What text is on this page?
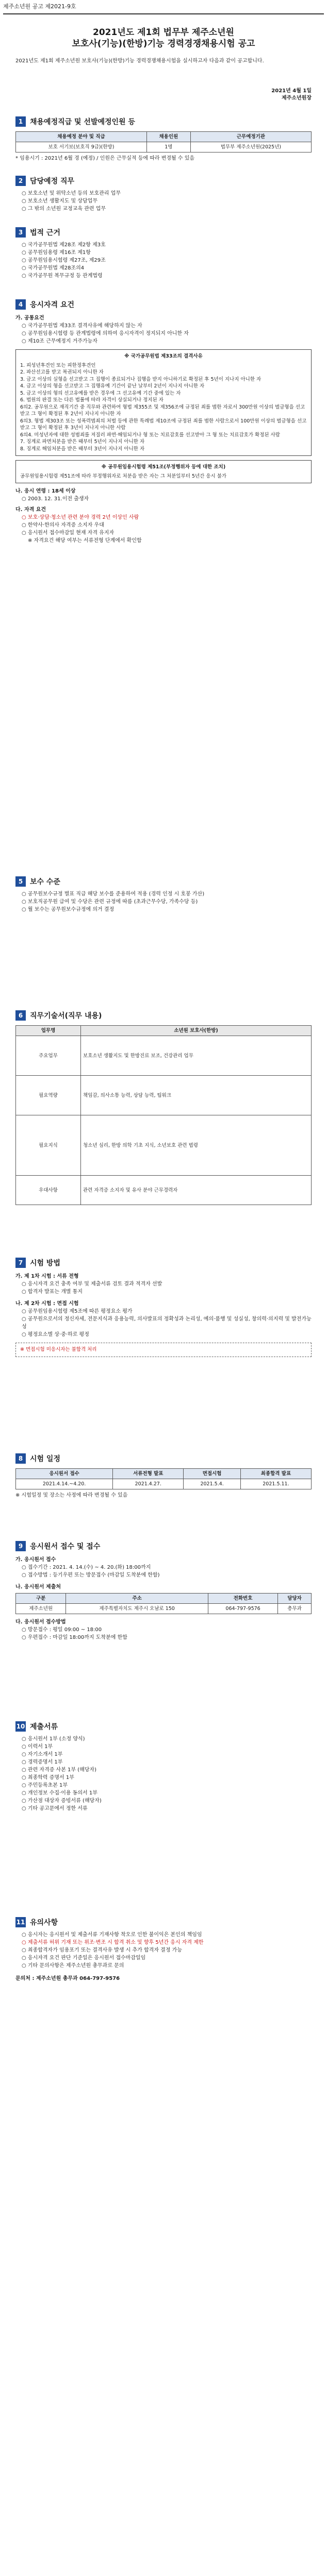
제주소년원 공고 제2021-9호
2021년도 제1회 법무부 제주소년원
보호사(기능)(한방)기능 경력경쟁채용시험 공고
2021년도 제1회 제주소년원 보호사(기능)(한방)기능 경력경쟁채용시험을 실시하고자 다음과 같이 공고합니다.
2021년 4월 1일
제주소년원장
1 채용예정직급 및 선발예정인원 등
채용예정 분야 및 직급	채용인원	근무예정기관
보호 서기보(보호직 9급)(한방)	1명	법무부 제주소년원(2025년)

* 임용시기 : 2021년 6월 경 (예정) / 인원은 근무실적 등에 따라 변경될 수 있음

2 담당예정 직무

○ 보호소년 및 위탁소년 등의 보호관리 업무

○ 보호소년 생활지도 및 상담업무

○ 그 밖의 소년원 교정교육 관련 업무

3 법적 근거

○ 국가공무원법 제28조 제2항 제3호

○ 공무원임용령 제16조 제1항

○ 공무원임용시험령 제27조, 제29조

○ 국가공무원법 제28조의4

○ 국가공무원 복무규정 등 관계법령

4 응시자격 요건

가. 공통요건

○ 국가공무원법 제33조 결격사유에 해당하지 않는 자

○ 공무원임용시험령 등 관계법령에 의하여 응시자격이 정지되지 아니한 자

○ 제10조 근무예정지 거주가능자

※ 국가공무원법 제33조의 결격사유
1. 피성년후견인 또는 피한정후견인
2. 파산선고를 받고 복권되지 아니한 자
3. 금고 이상의 실형을 선고받고 그 집행이 종료되거나 집행을 받지 아니하기로 확정된 후 5년이 지나지 아니한 자
4. 금고 이상의 형을 선고받고 그 집행유예 기간이 끝난 날부터 2년이 지나지 아니한 자
5. 금고 이상의 형의 선고유예를 받은 경우에 그 선고유예 기간 중에 있는 자
6. 법원의 판결 또는 다른 법률에 따라 자격이 상실되거나 정지된 자
6의2. 공무원으로 재직기간 중 직무와 관련하여 형법 제355조 및 제356조에 규정된 죄를 범한 자로서 300만원 이상의 벌금형을 선고받고 그 형이 확정된 후 2년이 지나지 아니한 자
6의3. 형법 제303조 또는 성폭력범죄의 처벌 등에 관한 특례법 제10조에 규정된 죄를 범한 사람으로서 100만원 이상의 벌금형을 선고받고 그 형이 확정된 후 3년이 지나지 아니한 사람
6의4. 미성년자에 대한 성범죄를 저질러 파면·해임되거나 형 또는 치료감호를 선고받아 그 형 또는 치료감호가 확정된 사람
7. 징계로 파면처분을 받은 때부터 5년이 지나지 아니한 자
8. 징계로 해임처분을 받은 때부터 3년이 지나지 아니한 자
※ 공무원임용시험령 제51조(부정행위자 등에 대한 조치)
공무원임용시험령 제51조에 따라 부정행위자로 처분을 받은 자는 그 처분일부터 5년간 응시 불가

나. 응시 연령 : 18세 이상

○ 2003. 12. 31.이전 출생자

다. 자격 요건

○ 보호·상담·청소년 관련 분야 경력 2년 이상인 사람

○ 한약사·한의사 자격증 소지자 우대

○ 응시원서 접수마감일 현재 자격 유지자

※ 자격요건 해당 여부는 서류전형 단계에서 확인함

5 보수 수준

○ 공무원보수규정 별표 직급 해당 보수를 준용하여 적용 (경력 인정 시 호봉 가산)

○ 보호직공무원 급여 및 수당은 관련 규정에 따름 (초과근무수당, 가족수당 등)

○ 월 보수는 공무원보수규정에 의거 결정

6 직무기술서(직무 내용)
업무명	소년원 보호사(한방)
주요업무	보호소년 생활지도 및 한방진료 보조, 건강관리 업무
필요역량	책임감, 의사소통 능력, 상담 능력, 팀워크
필요지식	청소년 심리, 한방 의학 기초 지식, 소년보호 관련 법령
우대사항	관련 자격증 소지자 및 유사 분야 근무경력자
7 시험 방법

가. 제 1차 시험 : 서류 전형

○ 응시자격 요건 충족 여부 및 제출서류 검토 결과 적격자 선발

○ 합격자 발표는 개별 통지

나. 제 2차 시험 : 면접 시험

○ 공무원임용시험령 제5조에 따른 평정요소 평가

○ 공무원으로서의 정신자세, 전문지식과 응용능력, 의사발표의 정확성과 논리성, 예의·품행 및 성실성, 창의력·의지력 및 발전가능성

○ 평정요소별 상·중·하로 평정

※ 면접시험 미응시자는 불합격 처리
8 시험 일정
응시원서 접수	서류전형 발표	면접시험	최종합격 발표
2021.4.14.~4.20.	2021.4.27.	2021.5.4.	2021.5.11.

※ 시험일정 및 장소는 사정에 따라 변경될 수 있음

9 응시원서 접수 및 접수

가. 응시원서 접수

○ 접수기간 : 2021. 4. 14.(수) ~ 4. 20.(화) 18:00까지

○ 접수방법 : 등기우편 또는 방문접수 (마감일 도착분에 한함)

나. 응시원서 제출처

구분	주소	전화번호	담당자
제주소년원	제주특별자치도 제주시 오남로 150	064-797-9576	총무과

다. 응시원서 접수방법

○ 방문접수 : 평일 09:00 ~ 18:00

○ 우편접수 : 마감일 18:00까지 도착분에 한함

10 제출서류

○ 응시원서 1부 (소정 양식)

○ 이력서 1부

○ 자기소개서 1부

○ 경력증명서 1부

○ 관련 자격증 사본 1부 (해당자)

○ 최종학력 증명서 1부

○ 주민등록초본 1부

○ 개인정보 수집·이용 동의서 1부

○ 가산점 대상자 증빙서류 (해당자)

○ 기타 공고문에서 정한 서류

11 유의사항

○ 응시자는 응시원서 및 제출서류 기재사항 착오로 인한 불이익은 본인의 책임임

○ 제출서류 허위 기재 또는 위조·변조 시 합격 취소 및 향후 5년간 응시 자격 제한

○ 최종합격자가 임용포기 또는 결격사유 발생 시 추가 합격자 결정 가능

○ 응시자격 요건 판단 기준일은 응시원서 접수마감일임

○ 기타 문의사항은 제주소년원 총무과로 문의

문의처 : 제주소년원 총무과 064-797-9576
